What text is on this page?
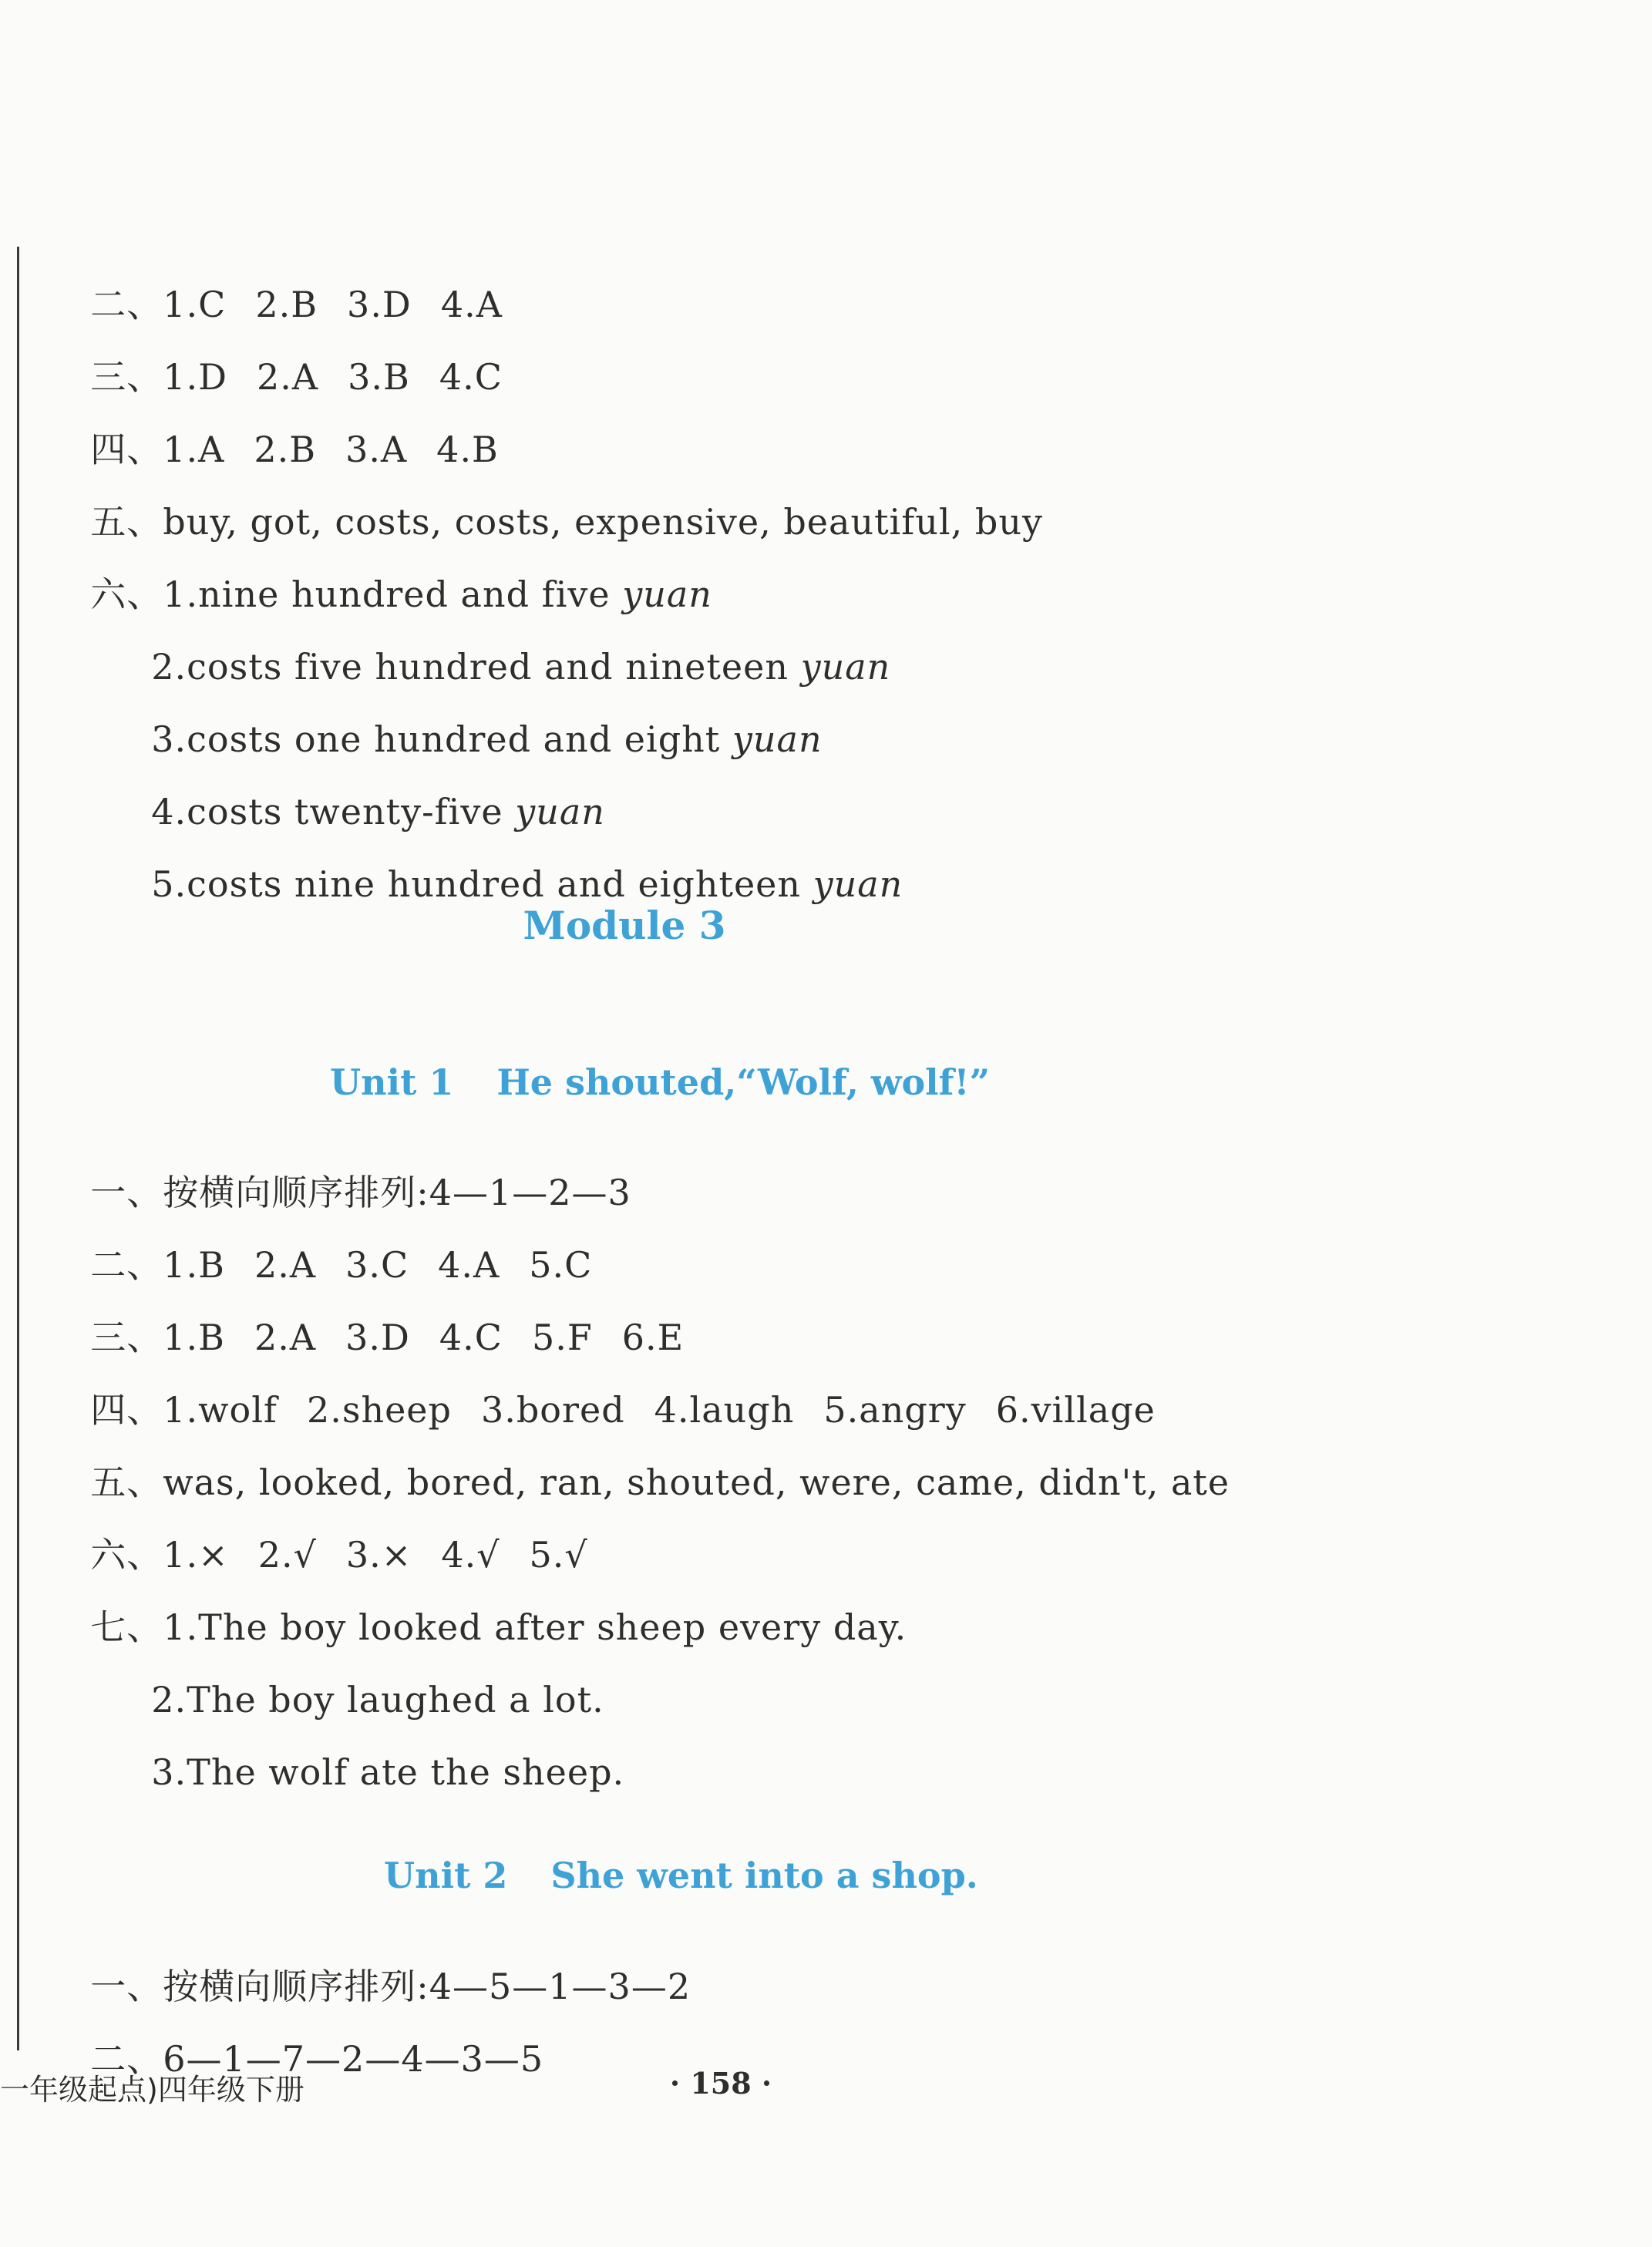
二、1.C 2.B 3.D 4.A

三、1.D 2.A 3.B 4.C

四、1.A 2.B 3.A 4.B

五、buy, got, costs, costs, expensive, beautiful, buy

六、1.nine hundred and five yuan

2.costs five hundred and nineteen yuan

3.costs one hundred and eight yuan

4.costs twenty-five yuan

5.costs nine hundred and eighteen yuan

Module 3

Unit 1 He shouted,“Wolf, wolf!”

一、按横向顺序排列:4—1—2—3

二、1.B 2.A 3.C 4.A 5.C

三、1.B 2.A 3.D 4.C 5.F 6.E

四、1.wolf 2.sheep 3.bored 4.laugh 5.angry 6.village

五、was, looked, bored, ran, shouted, were, came, didn't, ate

六、1.× 2.√ 3.× 4.√ 5.√

七、1.The boy looked after sheep every day.

2.The boy laughed a lot.

3.The wolf ate the sheep.

Unit 2 She went into a shop.

一、按横向顺序排列:4—5—1—3—2

二、6—1—7—2—4—3—5

一年级起点)四年级下册	· 158 ·
